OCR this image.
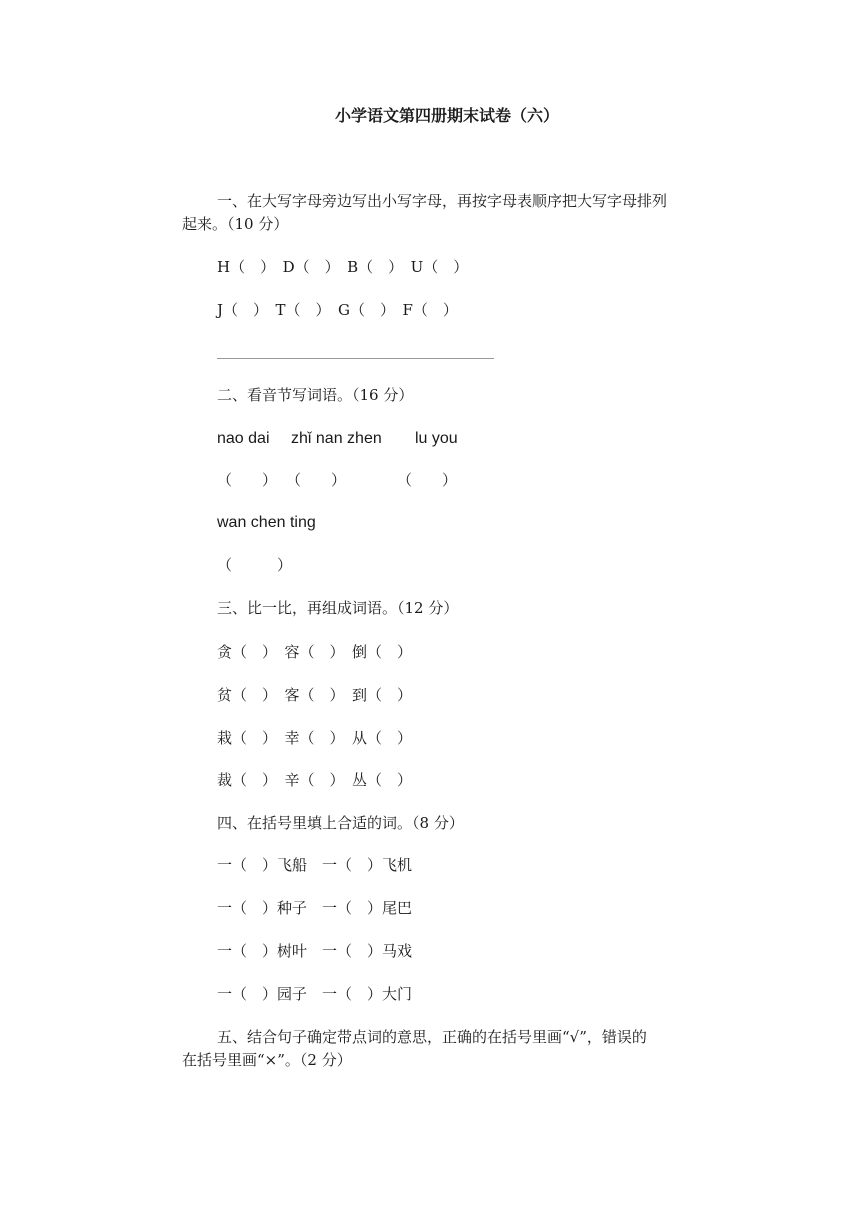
小学语文第四册期末试卷（六）
一、在大写字母旁边写出小写字母，再按字母表顺序把大写字母排列
起来。（10 分）
H（　）　D（　）　B（　）　U（　）
J（　）　T（　）　G（　）　F（　）
二、看音节写词语。（16 分）
nao dai zhǐ nan zhen lu you
（　　） （　　）	（　　）
wan chen ting
（　　　）
三、比一比，再组成词语。（12 分）
贪（　）　容（　）　倒（　）
贫（　）　客（　）　到（　）
栽（　）　幸（　）　从（　）
裁（　）　辛（　）　丛（　）
四、在括号里填上合适的词。（8 分）
一（　）飞船　一（　）飞机
一（　）种子　一（　）尾巴
一（　）树叶　一（　）马戏
一（　）园子　一（　）大门
五、结合句子确定带点词的意思，正确的在括号里画“√”，错误的
在括号里画“×”。（2 分）
